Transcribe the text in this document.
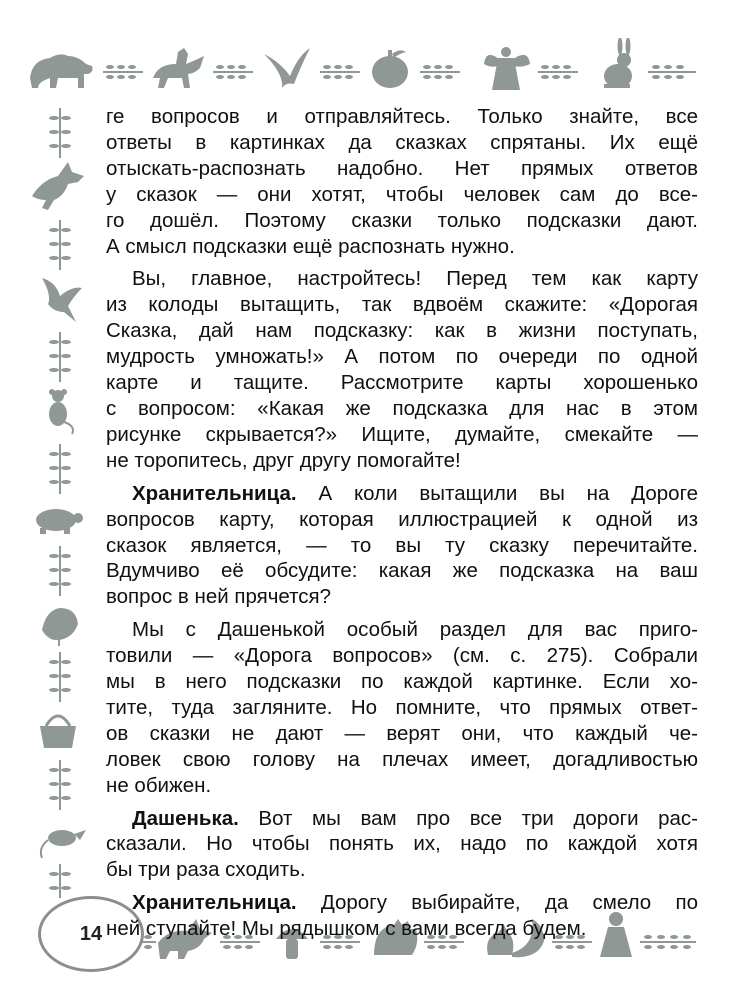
14

ге вопросов и отправляйтесь. Только знайте, все
ответы в картинках да сказках спрятаны. Их ещё
отыскать-распознать надобно. Нет прямых ответов
у сказок — они хотят, чтобы человек сам до все-
го дошёл. Поэтому сказки только подсказки дают.
А смысл подсказки ещё распознать нужно.

Вы, главное, настройтесь! Перед тем как карту
из колоды вытащить, так вдвоём скажите: «Дорогая
Сказка, дай нам подсказку: как в жизни поступать,
мудрость умножать!» А потом по очереди по одной
карте и тащите. Рассмотрите карты хорошенько
с вопросом: «Какая же подсказка для нас в этом
рисунке скрывается?» Ищите, думайте, смекайте —
не торопитесь, друг другу помогайте!

Хранительница. А коли вытащили вы на Дороге
вопросов карту, которая иллюстрацией к одной из
сказок является, — то вы ту сказку перечитайте.
Вдумчиво её обсудите: какая же подсказка на ваш
вопрос в ней прячется?

Мы с Дашенькой особый раздел для вас приго-
товили — «Дорога вопросов» (см. с. 275). Собрали
мы в него подсказки по каждой картинке. Если хо-
тите, туда загляните. Но помните, что прямых ответ-
ов сказки не дают — верят они, что каждый че-
ловек свою голову на плечах имеет, догадливостью
не обижен.

Дашенька. Вот мы вам про все три дороги рас-
сказали. Но чтобы понять их, надо по каждой хотя
бы три раза сходить.

Хранительница. Дорогу выбирайте, да смело по
ней ступайте! Мы рядышком с вами всегда будем.
